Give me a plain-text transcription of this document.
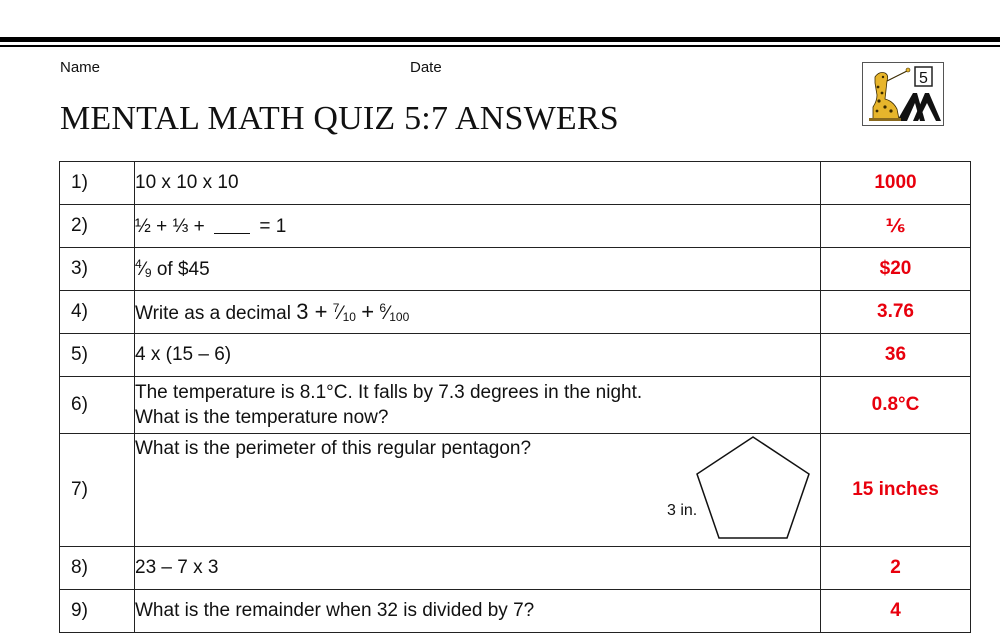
Name	Date
MENTAL MATH QUIZ 5:7 ANSWERS
5
1)	10 x 10 x 10	1000
2)	½ + ⅓ + = 1	⅙
3)	$^4⁄_9$ of $45	$20
4)	Write as a decimal $3 + ^7⁄_{10}$ + $^6⁄_{100}$	3.76
5)	4 x (15 – 6)	36
6)	The temperature is 8.1°C. It falls by 7.3 degrees in the night.
What is the temperature now?	0.8°C
7)	What is the perimeter of this regular pentagon?
3 in.	15 inches
8)	23 – 7 x 3	2
9)	What is the remainder when 32 is divided by 7?	4
